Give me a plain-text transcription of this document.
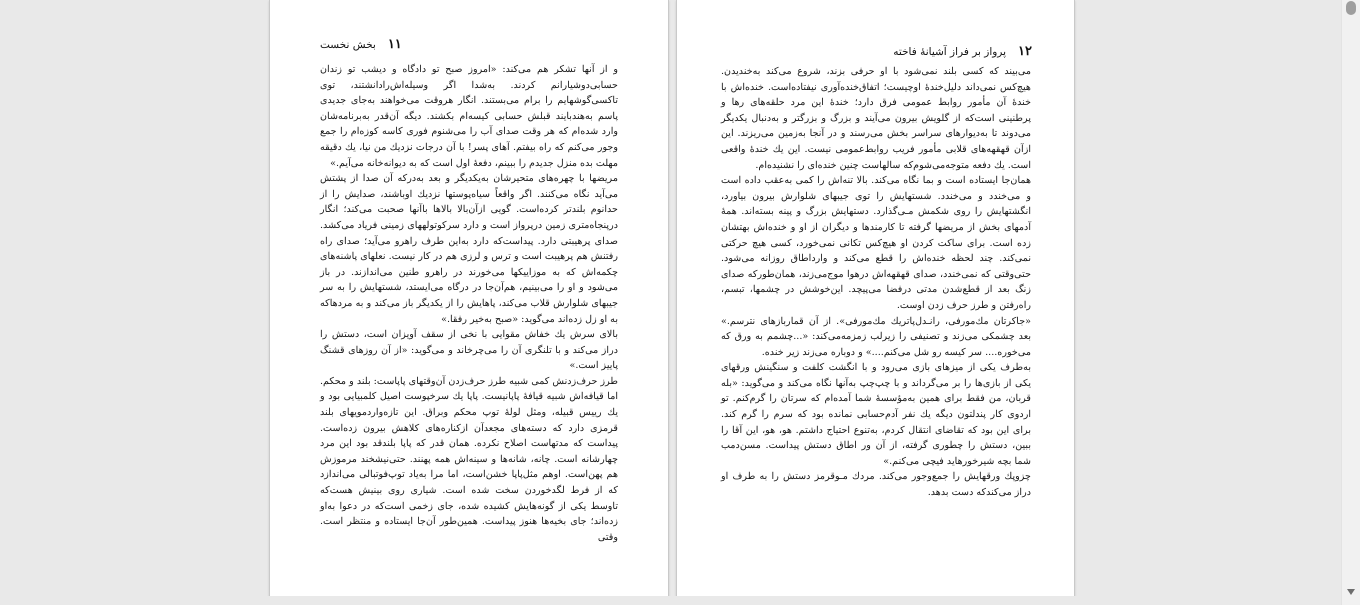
۱۱
بخش نخست

و از آنها تشکر هم می‌کند: «امروز صبح تو دادگاه و دیشب تو زندان حسابی‌دوشیارانم کردند. به‌شدا اگر وسیله‌اش‌رادانشتند، توی تاکسی‌گوشهایم را برام می‌بستند. انگار هر‌وقت می‌خواهند به‌جای جدیدی پاسم به‌هندبایند قبلش حسابی کیسه‌ام بکشند. دیگه آن‌قدر به‌برنامه‌شان وارد شده‌ام که هر وقت صدای آب را می‌شنوم فوری کاسه کوزه‌ام را جمع وجور می‌کنم که راه بیفتم. آهای پسر! با آن درجات نزدیك من نیا، یك دقیقه مهلت بده منزل جدیدم را ببینم، دفعهٔ اول است که به دیوانه‌خانه می‌آیم.»

مریضها با چهره‌های متحیرشان به‌یکدیگر و بعد به‌درکه آن صدا از پشتش می‌آید نگاه می‌کنند. اگر واقعاً سیاه‌پوستها نزدیك اوباشند، صدایش را از حدانوم بلندتر کرده‌است. گویی ازآن‌بالا بالاها باآنها صحبت می‌کند؛ انگار درپنجاه‌متری زمین درپرواز است و دارد سرکوتولههای زمینی فریاد می‌کشد. صدای پرهیبتی دارد. پیداست‌که دارد به‌این طرف راهرو می‌آید؛ صدای راه رفتنش هم پرهیبت است و ترس و لرزی هم در کار نیست. نعلهای پاشنه‌های چکمه‌اش که به موزاییکها می‌خورند در راهرو طنین می‌اندازند. در باز می‌شود و او را می‌بینیم، هم‌آن‌جا در درگاه می‌ایستد، شستهایش را به سر جیبهای شلوارش قلاب می‌کند، پاهایش را از یکدیگر باز می‌کند و به مردهاکه به او زل زده‌اند می‌گوید: «صبح به‌خیر رفقا.»

بالای سرش یك خفاش مقوایی با نخی از سقف آویزان است، دستش را دراز می‌کند و با تلنگری آن را می‌چرخاند و می‌گوید: «از آن روزهای قشنگ پاییز است.»

طرز حرف‌زدنش کمی شبیه طرز حرف‌زدن آن‌وقتهای پاپاست: بلند و محکم. اما قیافه‌اش شبیه قیافهٔ پاپانیست. پاپا یك سرخپوست اصیل کلمبیایی بود و یك رییس قبیله، ومثل لولهٔ توپ محکم وبراق. این تازه‌واردمویهای بلند قرمزی دارد که دسته‌های مجعدآن ازکناره‌های کلاهش بیرون زده‌است. پیداست که مدتهاست اصلاح نکرده. همان قدر که پاپا بلندقد بود این مرد چهارشانه است. چانه، شانه‌ها و سینه‌اش همه پهنند. حتی‌نیشخند مرموزش هم پهن‌است. اوهم مثل‌پاپا خشن‌است، اما مرا به‌یاد توپ‌فوتبالی می‌اندازد که از فرط لگدخوردن سخت شده است. شیاری روی بینیش هست‌که تاوسط یکی از گونه‌هایش کشیده شده، جای زخمی است‌که در دعوا به‌او زده‌اند؛ جای بخیه‌ها هنوز پیداست. همین‌طور آن‌جا ایستاده و منتظر است. وقتی

۱۲
پرواز بر فراز آشیانهٔ فاخته

می‌بیند که کسی بلند نمی‌شود با او حرفی بزند، شروع می‌کند به‌خندیدن. هیچ‌کس نمی‌داند دلیل‌خندهٔ اوچیست؛ اتفاق‌خنده‌آوری نیفتاده‌است. خنده‌اش با خندهٔ آن مأمور روابط عمومی فرق دارد؛ خندهٔ این مرد حلقه‌های رها و پرطنینی است‌که از گلویش بیرون می‌آیند و بزرگ و بزرگتر و به‌دنبال یکدیگر می‌دوند تا به‌دیوارهای سراسر بخش می‌رسند و در آنجا به‌زمین می‌ریزند. این ازآن قهقهه‌های قلابی مأمور فریب روابط‌عمومی نیست. این یك خندهٔ واقعی است. یك دفعه متوجه‌می‌شوم‌که سالهاست چنین خنده‌ای را نشنیده‌ام.

همان‌جا ایستاده است و بما نگاه می‌کند. بالا تنه‌اش را کمی به‌عقب داده است و می‌خندد و می‌خندد. شستهایش را توی جیبهای شلوارش بیرون بیاورد، انگشتهایش را روی شکمش مـی‌گذارد. دستهایش بزرگ و پینه بسته‌اند. همهٔ آدمهای بخش از مریضها گرفته تا کارمندها و دیگران از او و خنده‌اش بهتشان زده است. برای ساکت کردن او هیچ‌کس تکانی نمی‌خورد، کسی هیچ حرکتی نمی‌کند. چند لحظه خنده‌اش را قطع می‌کند و وارداطاق روزانه می‌شود. حتی‌وقتی که نمی‌خندد، صدای قهقهه‌اش درهوا موج‌می‌زند، همان‌طورکه صدای زنگ بعد از قطع‌شدن مدتی درفضا می‌پیچد. این‌خوشش در چشمها، تبسم، راه‌رفتن و طرز حرف زدن اوست.

«جاکرتان مك‌مورفی، رانـدل‌پاتریك مك‌مورفی». از آن قماربازهای نترسم.» بعد چشمکی می‌زند و تصنیفی را زیرلب زمزمه‌می‌کند: «...چشمم به ورق که می‌خوره.... سر کیسه رو شل می‌کنم....» و دوباره می‌زند زیر خنده.

به‌طرف یکی از میزهای بازی می‌رود و با انگشت کلفت و سنگینش ورقهای یکی از بازی‌ها را بر می‌گرداند و با چپ‌چپ به‌آنها نگاه می‌کند و می‌گوید: «بله قربان، من فقط برای همین به‌مؤسسهٔ شما آمده‌ام که سرتان را گرم‌کنم. تو اردوی کار پندلتون دیگه یك نفر آدم‌حسابی نمانده بود که سرم را گرم کند. برای این بود که تقاضای انتقال کردم، به‌تنوع احتیاج داشتم. هو، هو، این آقا را ببین، دستش را چطوری گرفته، از آن ور اطاق دستش پیداست. مسن‌دمب شما بچه شیرخورهاید فیچی می‌کنم.»

چزوپك ورقهایش را جمع‌وجور می‌کند. مردك مـوقرمز دستش را به طرف او دراز می‌کندکه دست بدهد.
